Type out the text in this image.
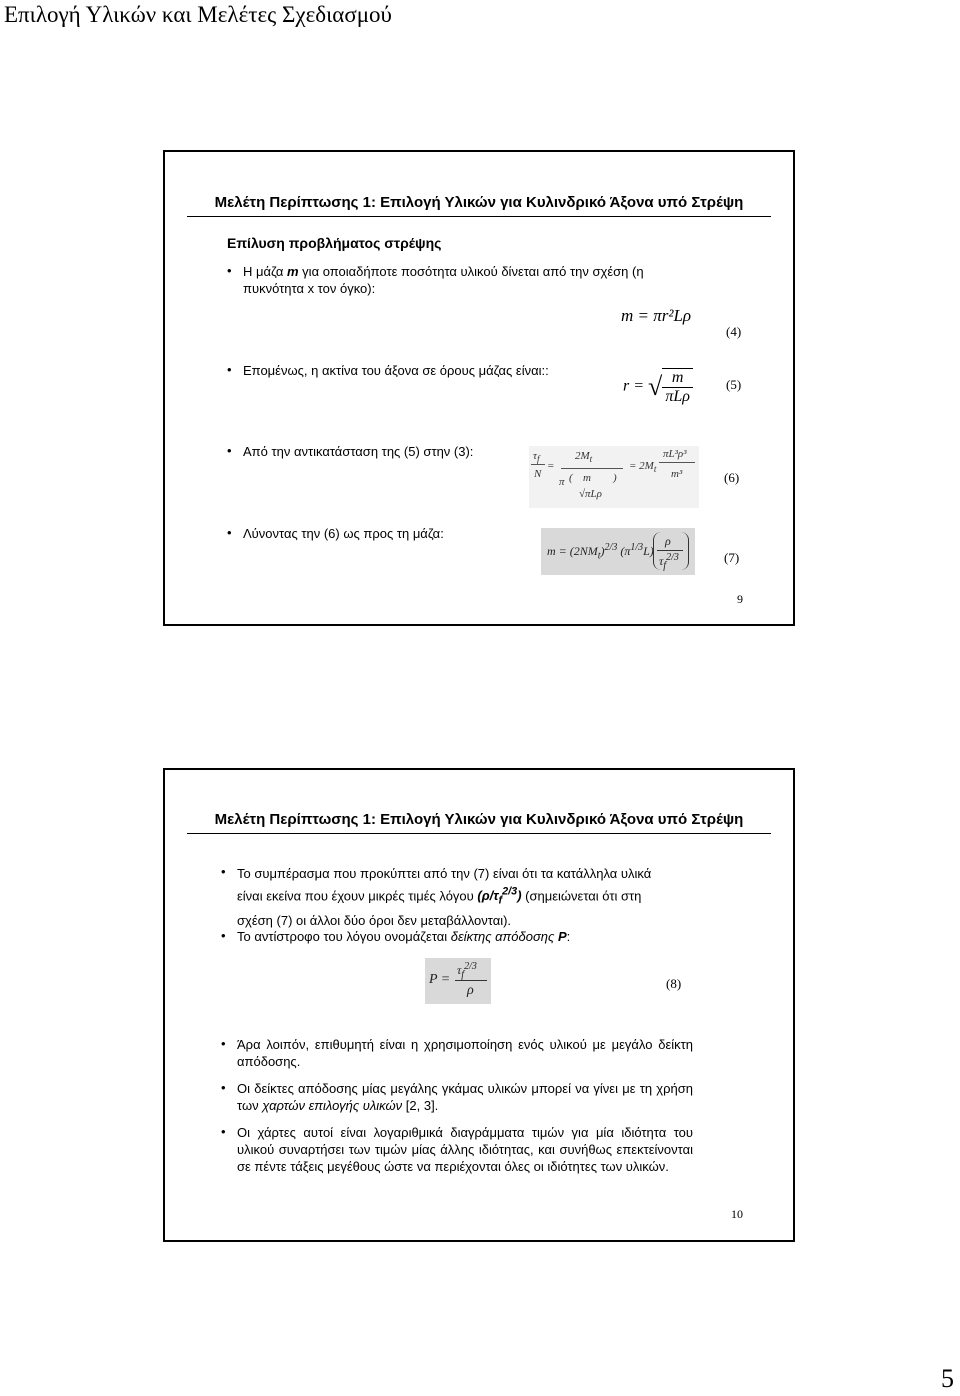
Επιλογή Υλικών και Μελέτες Σχεδιασμού
Μελέτη Περίπτωσης 1: Επιλογή Υλικών για Κυλινδρικό Άξονα υπό Στρέψη
Επίλυση προβλήματος στρέψης
• Η μάζα m για οποιαδήποτε ποσότητα υλικού δίνεται από την σχέση (η
πυκνότητα x τον όγκο):
m = πr²Lρ
(4)
• Επομένως, η ακτίνα του άξονα σε όρους μάζας είναι::
r = √ $\frac{m}{\text{πLρ}}$	(5)
• Από την αντικατάσταση της (5) στην (3):	$\tau_f$
N
=
$2M_t$
π ( m
√πLρ
)
= $2M_t$
πL³ρ³
m³	(6)
• Λύνοντας την (6) ως προς τη μάζα:
$m = (2NM_t)^{2/3}$ $(\pi^{1/3}L)$
ρ
$\tau_f^{2/3}$	(7)
9
Μελέτη Περίπτωσης 1: Επιλογή Υλικών για Κυλινδρικό Άξονα υπό Στρέψη
• Το συμπέρασμα που προκύπτει από την (7) είναι ότι τα κατάλληλα υλικά
είναι εκείνα που έχουν μικρές τιμές λόγου $(\rho/\tau_f^{2/3})$ (σημειώνεται ότι στη
σχέση (7) οι άλλοι δύο όροι δεν μεταβάλλονται).
• Το αντίστροφο του λόγου ονομάζεται δείκτης απόδοσης P:
P =
$\tau_f^{2/3}$
ρ	(8)
• Άρα λοιπόν, επιθυμητή είναι η χρησιμοποίηση ενός υλικού με μεγάλο δείκτη απόδοσης.
• Οι δείκτες απόδοσης μίας μεγάλης γκάμας υλικών μπορεί να γίνει με τη χρήση των χαρτών επιλογής υλικών [2, 3].
• Οι χάρτες αυτοί είναι λογαριθμικά διαγράμματα τιμών για μία ιδιότητα του υλικού συναρτήσει των τιμών μίας άλλης ιδιότητας, και συνήθως επεκτείνονται σε πέντε τάξεις μεγέθους ώστε να περιέχονται όλες οι ιδιότητες των υλικών.
10
5
